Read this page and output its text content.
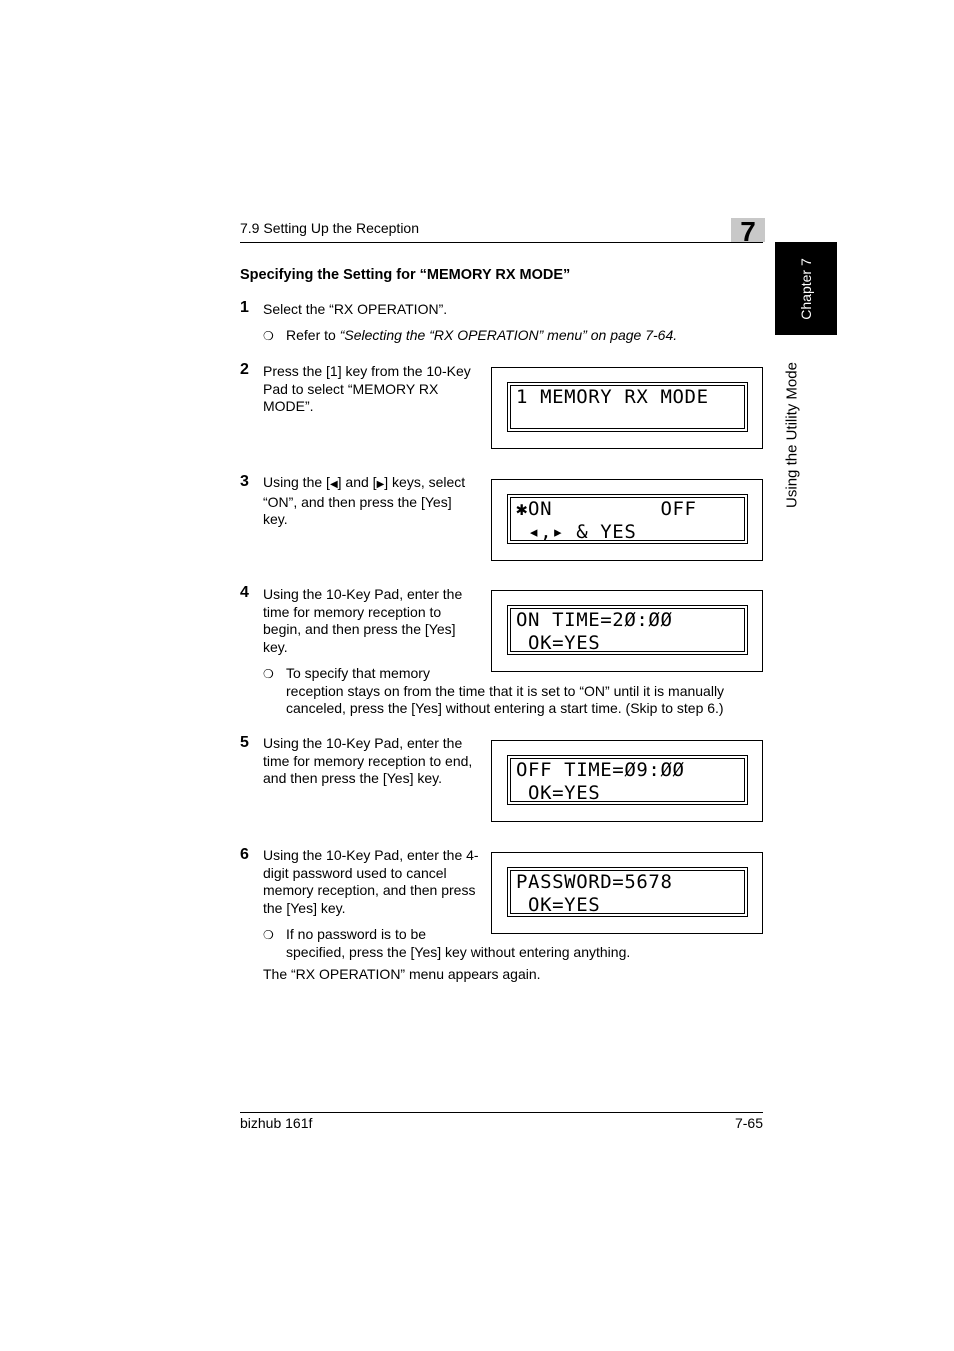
7.9 Setting Up the Reception	7
Chapter 7
Using the Utility Mode
Specifying the Setting for “MEMORY RX MODE”
1	Select the “RX OPERATION”.
❍ Refer to “Selecting the “RX OPERATION” menu” on page 7-64.
2	Press the [1] key from the 10-Key
Pad to select “MEMORY RX
MODE”.	1 MEMORY RX MODE
3	Using the [◀] and [▶] keys, select
“ON”, and then press the [Yes]
key.	✱ON         OFF
◂,▸ & YES
4	Using the 10-Key Pad, enter the
time for memory reception to
begin, and then press the [Yes]
key.
ON TIME=2Ø:ØØ
OK=YES
❍ To specify that memory
reception stays on from the time that it is set to “ON” until it is manually
canceled, press the [Yes] without entering a start time. (Skip to step 6.)
5	Using the 10-Key Pad, enter the
time for memory reception to end,
and then press the [Yes] key.	OFF TIME=Ø9:ØØ
OK=YES
6	Using the 10-Key Pad, enter the 4-
digit password used to cancel
memory reception, and then press
the [Yes] key.
PASSWORD=5678
OK=YES
❍ If no password is to be
specified, press the [Yes] key without entering anything.
The “RX OPERATION” menu appears again.
bizhub 161f	7-65
